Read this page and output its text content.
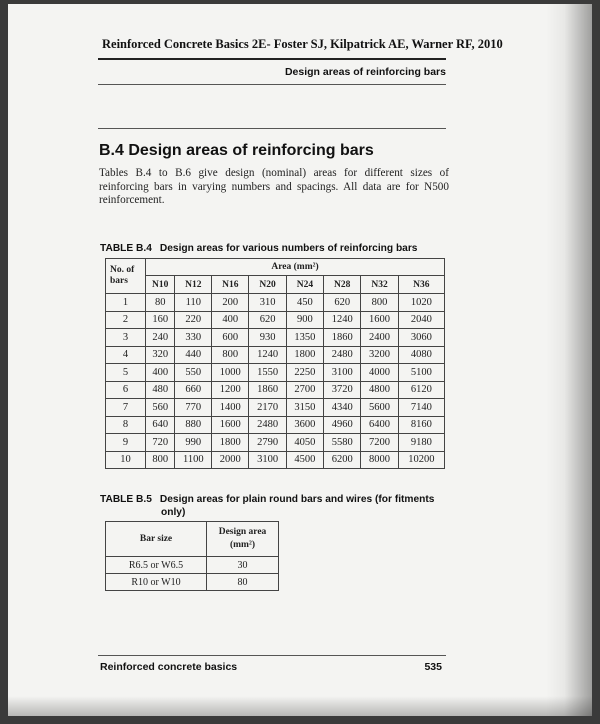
Reinforced Concrete Basics 2E- Foster SJ, Kilpatrick AE, Warner RF, 2010
Design areas of reinforcing bars
B.4 Design areas of reinforcing bars
Tables B.4 to B.6 give design (nominal) areas for different sizes of reinforcing bars in varying numbers and spacings. All data are for N500 reinforcement.
TABLE B.4 Design areas for various numbers of reinforcing bars
No. of
bars	Area (mm²)							
	N10	N12	N16	N20	N24	N28	N32	N36
1	80	110	200	310	450	620	800	1020
2	160	220	400	620	900	1240	1600	2040
3	240	330	600	930	1350	1860	2400	3060
4	320	440	800	1240	1800	2480	3200	4080
5	400	550	1000	1550	2250	3100	4000	5100
6	480	660	1200	1860	2700	3720	4800	6120
7	560	770	1400	2170	3150	4340	5600	7140
8	640	880	1600	2480	3600	4960	6400	8160
9	720	990	1800	2790	4050	5580	7200	9180
10	800	1100	2000	3100	4500	6200	8000	10200
TABLE B.5 Design areas for plain round bars and wires (for fitments
only)
Bar size	Design area
(mm²)
R6.5 or W6.5	30
R10 or W10	80
Reinforced concrete basics	535
